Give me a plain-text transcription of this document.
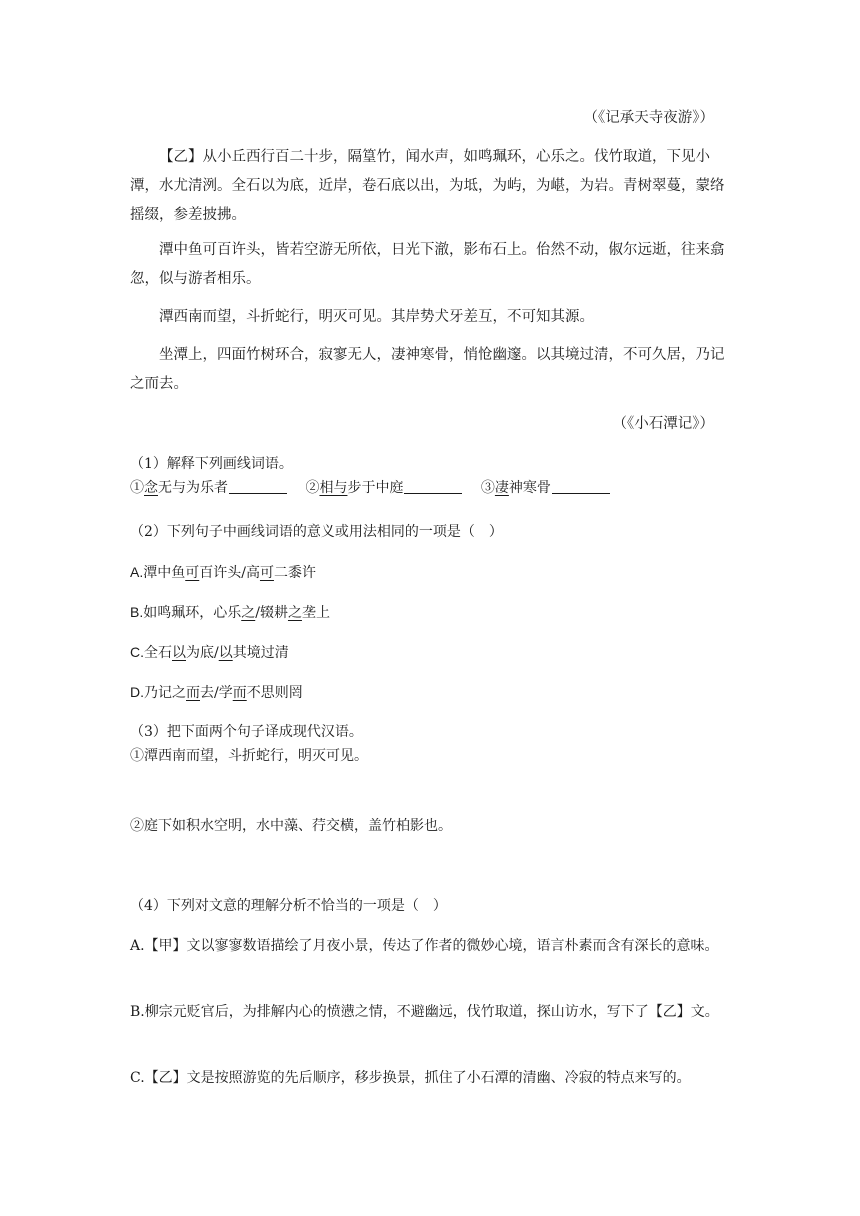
（《记承天寺夜游》）

【乙】从小丘西行百二十步，隔篁竹，闻水声，如鸣珮环，心乐之。伐竹取道，下见小潭，水尤清洌。全石以为底，近岸，卷石底以出，为坻，为屿，为嵁，为岩。青树翠蔓，蒙络摇缀，参差披拂。

潭中鱼可百许头，皆若空游无所依，日光下澈，影布石上。佁然不动，俶尔远逝，往来翕忽，似与游者相乐。

潭西南而望，斗折蛇行，明灭可见。其岸势犬牙差互，不可知其源。

坐潭上，四面竹树环合，寂寥无人，凄神寒骨，悄怆幽邃。以其境过清，不可久居，乃记之而去。

（《小石潭记》）
（1）解释下列画线词语。
①念无与为乐者	②相与步于中庭	③凄神寒骨
（2）下列句子中画线词语的意义或用法相同的一项是（　）
A.潭中鱼可百许头/高可二黍许
B.如鸣珮环，心乐之/辍耕之垄上
C.全石以为底/以其境过清
D.乃记之而去/学而不思则罔
（3）把下面两个句子译成现代汉语。
①潭西南而望，斗折蛇行，明灭可见。
②庭下如积水空明，水中藻、荇交横，盖竹柏影也。
（4）下列对文意的理解分析不恰当的一项是（　）
A.【甲】文以寥寥数语描绘了月夜小景，传达了作者的微妙心境，语言朴素而含有深长的意味。
B.柳宗元贬官后，为排解内心的愤懑之情，不避幽远，伐竹取道，探山访水，写下了【乙】文。
C.【乙】文是按照游览的先后顺序，移步换景，抓住了小石潭的清幽、冷寂的特点来写的。
